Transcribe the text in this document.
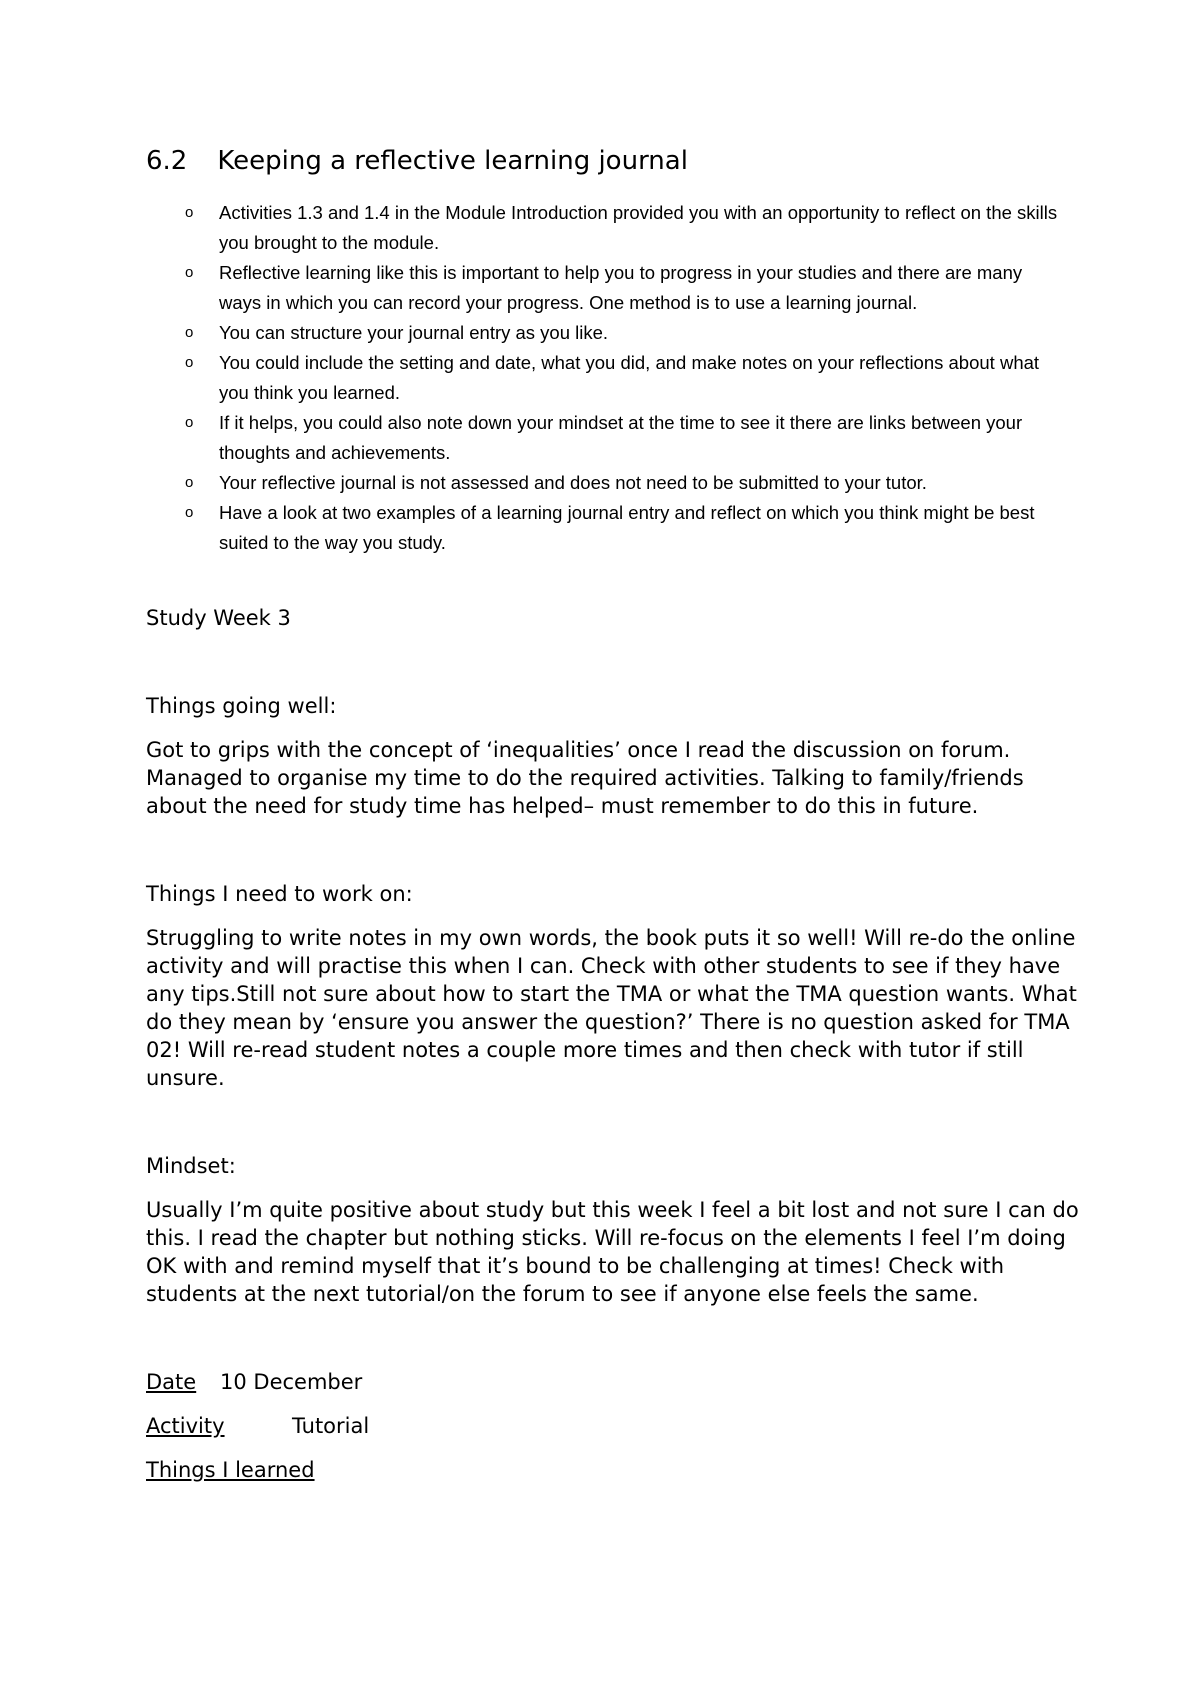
6.2 Keeping a reflective learning journal
o Activities 1.3 and 1.4 in the Module Introduction provided you with an opportunity to reflect on the skills you brought to the module.
o Reflective learning like this is important to help you to progress in your studies and there are many ways in which you can record your progress. One method is to use a learning journal.
o You can structure your journal entry as you like.
o You could include the setting and date, what you did, and make notes on your reflections about what you think you learned.
o If it helps, you could also note down your mindset at the time to see it there are links between your thoughts and achievements.
o Your reflective journal is not assessed and does not need to be submitted to your tutor.
o Have a look at two examples of a learning journal entry and reflect on which you think might be best suited to the way you study.

Study Week 3

Things going well:

Got to grips with the concept of ‘inequalities’ once I read the discussion on forum. Managed to organise my time to do the required activities. Talking to family/friends about the need for study time has helped– must remember to do this in future.

Things I need to work on:

Struggling to write notes in my own words, the book puts it so well! Will re-do the online activity and will practise this when I can. Check with other students to see if they have any tips.Still not sure about how to start the TMA or what the TMA question wants. What do they mean by ‘ensure you answer the question?’ There is no question asked for TMA 02! Will re-read student notes a couple more times and then check with tutor if still unsure.

Mindset:

Usually I’m quite positive about study but this week I feel a bit lost and not sure I can do this. I read the chapter but nothing sticks. Will re-focus on the elements I feel I’m doing OK with and remind myself that it’s bound to be challenging at times! Check with students at the next tutorial/on the forum to see if anyone else feels the same.

Date	10 December

Activity	Tutorial

Things I learned
